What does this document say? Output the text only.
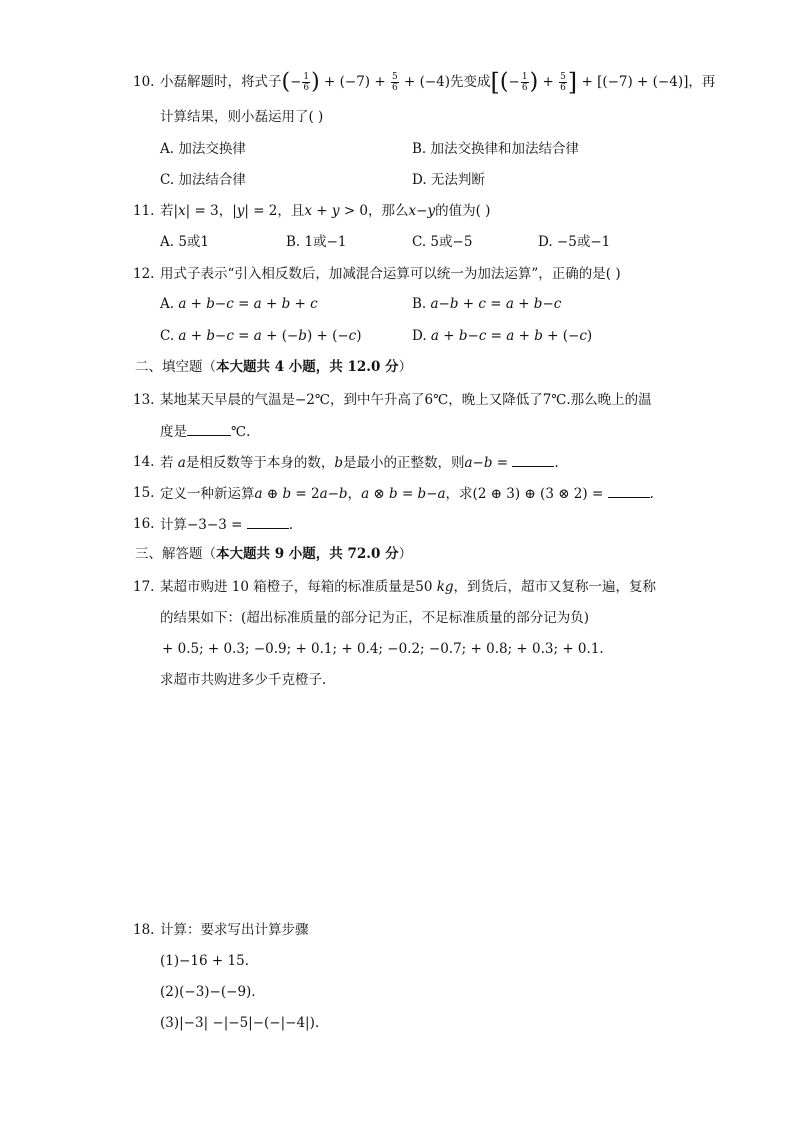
10. 小磊解题时，将式子(− $\frac{1}{6}$ ) + $(-7) + \frac{5}{6} + (-4)$先变成[(− $\frac{1}{6}$ ) + $\frac{5}{6}$ ] + [(−7) + (−4)]，再
计算结果，则小磊运用了( )
A. 加法交换律	B. 加法交换律和加法结合律
C. 加法结合律	D. 无法判断
11. 若|𝑥| = 3，|𝑦| = 2，且𝑥 + 𝑦 > 0，那么𝑥−𝑦的值为( )
A. 5或1	B. 1或−1	C. 5或−5	D. −5或−1
12. 用式子表示“引入相反数后，加减混合运算可以统一为加法运算”，正确的是( )
A. 𝑎 + 𝑏−𝑐 = 𝑎 + 𝑏 + 𝑐	B. 𝑎−𝑏 + 𝑐 = 𝑎 + 𝑏−𝑐
C. 𝑎 + 𝑏−𝑐 = 𝑎 + (−𝑏) + (−𝑐)	D. 𝑎 + 𝑏−𝑐 = 𝑎 + 𝑏 + (−𝑐)
二、填空题（本大题共 4 小题，共 12.0 分）
13. 某地某天早晨的气温是−2℃，到中午升高了6℃，晚上又降低了7℃.那么晚上的温
度是	℃.
14. 若 𝑎是相反数等于本身的数，𝑏是最小的正整数，则𝑎−𝑏 =	.
15. 定义一种新运算𝑎 ⊕ 𝑏 = 2𝑎−𝑏，𝑎 ⊗ 𝑏 = 𝑏−𝑎，求(2 ⊕ 3) ⊕ (3 ⊗ 2) =	.
16. 计算−3−3 =	.
三、解答题（本大题共 9 小题，共 72.0 分）
17. 某超市购进 10 箱橙子，每箱的标准质量是50 𝑘𝑔，到货后，超市又复称一遍，复称
的结果如下：(超出标准质量的部分记为正，不足标准质量的部分记为负)
+ 0.5; + 0.3; −0.9; + 0.1; + 0.4; −0.2; −0.7; + 0.8; + 0.3; + 0.1.
求超市共购进多少千克橙子.
18. 计算：要求写出计算步骤
(1)−16 + 15.
(2)(−3)−(−9).
(3)|−3| −|−5|−(−|−4|).
